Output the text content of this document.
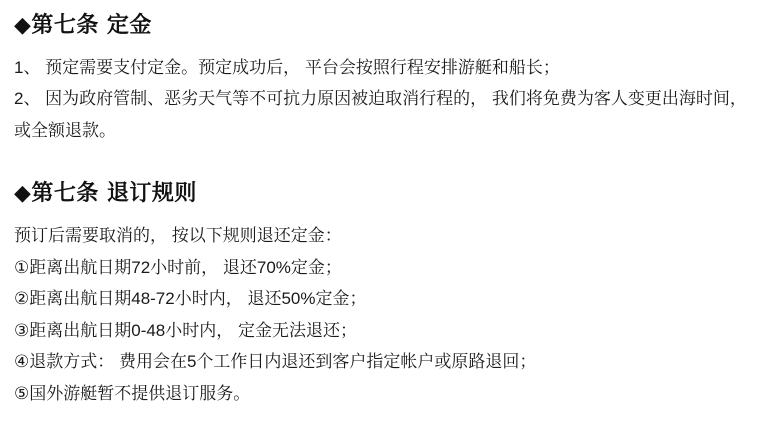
◆第七条 定金

1、 预定需要支付定金。预定成功后， 平台会按照行程安排游艇和船长；

2、 因为政府管制、恶劣天气等不可抗力原因被迫取消行程的， 我们将免费为客人变更出海时间， 或全额退款。

◆第七条 退订规则

预订后需要取消的， 按以下规则退还定金：

①距离出航日期72小时前， 退还70%定金；
②距离出航日期48-72小时内， 退还50%定金；
③距离出航日期0-48小时内， 定金无法退还；
④退款方式： 费用会在5个工作日内退还到客户指定帐户或原路退回；
⑤国外游艇暂不提供退订服务。
